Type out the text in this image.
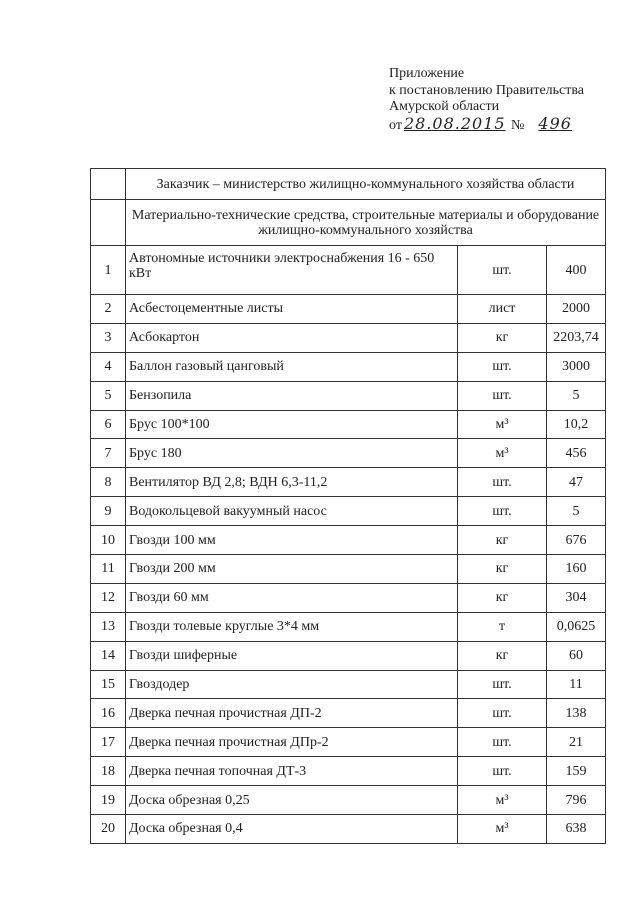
Приложение
к постановлению Правительства
Амурской области
от 28.08.2015 № 496
	Заказчик – министерство жилищно-коммунального хозяйства области		
	Материально-технические средства, строительные материалы и оборудование жилищно-коммунального хозяйства		
1	Автономные источники электроснабжения 16 - 650 кВт	шт.	400
2	Асбестоцементные листы	лист	2000
3	Асбокартон	кг	2203,74
4	Баллон газовый цанговый	шт.	3000
5	Бензопила	шт.	5
6	Брус 100*100	м³	10,2
7	Брус 180	м³	456
8	Вентилятор ВД 2,8; ВДН 6,3-11,2	шт.	47
9	Водокольцевой вакуумный насос	шт.	5
10	Гвозди 100 мм	кг	676
11	Гвозди 200 мм	кг	160
12	Гвозди 60 мм	кг	304
13	Гвозди толевые круглые 3*4 мм	т	0,0625
14	Гвозди шиферные	кг	60
15	Гвоздодер	шт.	11
16	Дверка печная прочистная ДП-2	шт.	138
17	Дверка печная прочистная ДПр-2	шт.	21
18	Дверка печная топочная ДТ-3	шт.	159
19	Доска обрезная 0,25	м³	796
20	Доска обрезная 0,4	м³	638
